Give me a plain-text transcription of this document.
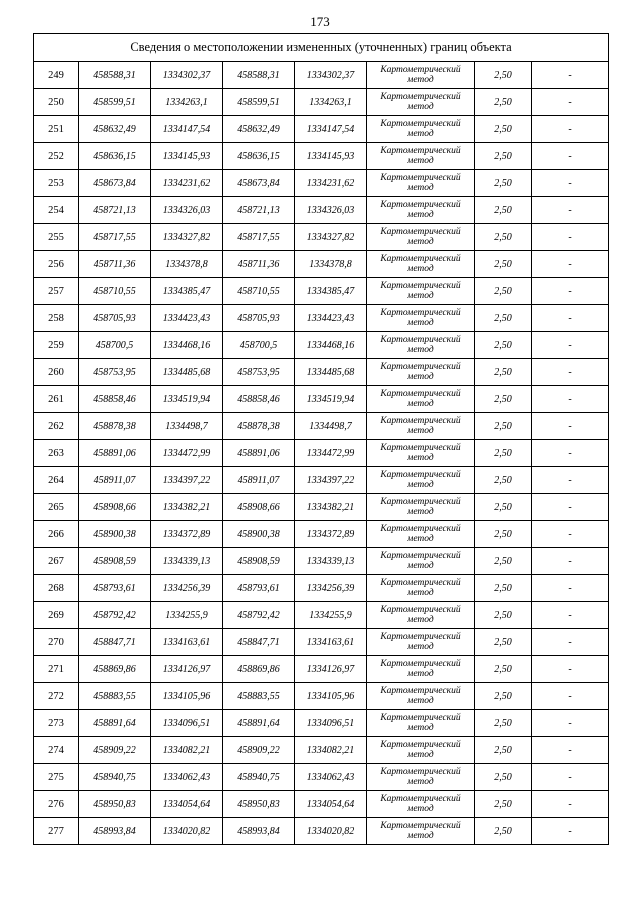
173
Сведения о местоположении измененных (уточненных) границ объекта							
249	458588,31	1334302,37	458588,31	1334302,37	Картометрический
метод	2,50	-
250	458599,51	1334263,1	458599,51	1334263,1	Картометрический
метод	2,50	-
251	458632,49	1334147,54	458632,49	1334147,54	Картометрический
метод	2,50	-
252	458636,15	1334145,93	458636,15	1334145,93	Картометрический
метод	2,50	-
253	458673,84	1334231,62	458673,84	1334231,62	Картометрический
метод	2,50	-
254	458721,13	1334326,03	458721,13	1334326,03	Картометрический
метод	2,50	-
255	458717,55	1334327,82	458717,55	1334327,82	Картометрический
метод	2,50	-
256	458711,36	1334378,8	458711,36	1334378,8	Картометрический
метод	2,50	-
257	458710,55	1334385,47	458710,55	1334385,47	Картометрический
метод	2,50	-
258	458705,93	1334423,43	458705,93	1334423,43	Картометрический
метод	2,50	-
259	458700,5	1334468,16	458700,5	1334468,16	Картометрический
метод	2,50	-
260	458753,95	1334485,68	458753,95	1334485,68	Картометрический
метод	2,50	-
261	458858,46	1334519,94	458858,46	1334519,94	Картометрический
метод	2,50	-
262	458878,38	1334498,7	458878,38	1334498,7	Картометрический
метод	2,50	-
263	458891,06	1334472,99	458891,06	1334472,99	Картометрический
метод	2,50	-
264	458911,07	1334397,22	458911,07	1334397,22	Картометрический
метод	2,50	-
265	458908,66	1334382,21	458908,66	1334382,21	Картометрический
метод	2,50	-
266	458900,38	1334372,89	458900,38	1334372,89	Картометрический
метод	2,50	-
267	458908,59	1334339,13	458908,59	1334339,13	Картометрический
метод	2,50	-
268	458793,61	1334256,39	458793,61	1334256,39	Картометрический
метод	2,50	-
269	458792,42	1334255,9	458792,42	1334255,9	Картометрический
метод	2,50	-
270	458847,71	1334163,61	458847,71	1334163,61	Картометрический
метод	2,50	-
271	458869,86	1334126,97	458869,86	1334126,97	Картометрический
метод	2,50	-
272	458883,55	1334105,96	458883,55	1334105,96	Картометрический
метод	2,50	-
273	458891,64	1334096,51	458891,64	1334096,51	Картометрический
метод	2,50	-
274	458909,22	1334082,21	458909,22	1334082,21	Картометрический
метод	2,50	-
275	458940,75	1334062,43	458940,75	1334062,43	Картометрический
метод	2,50	-
276	458950,83	1334054,64	458950,83	1334054,64	Картометрический
метод	2,50	-
277	458993,84	1334020,82	458993,84	1334020,82	Картометрический
метод	2,50	-
